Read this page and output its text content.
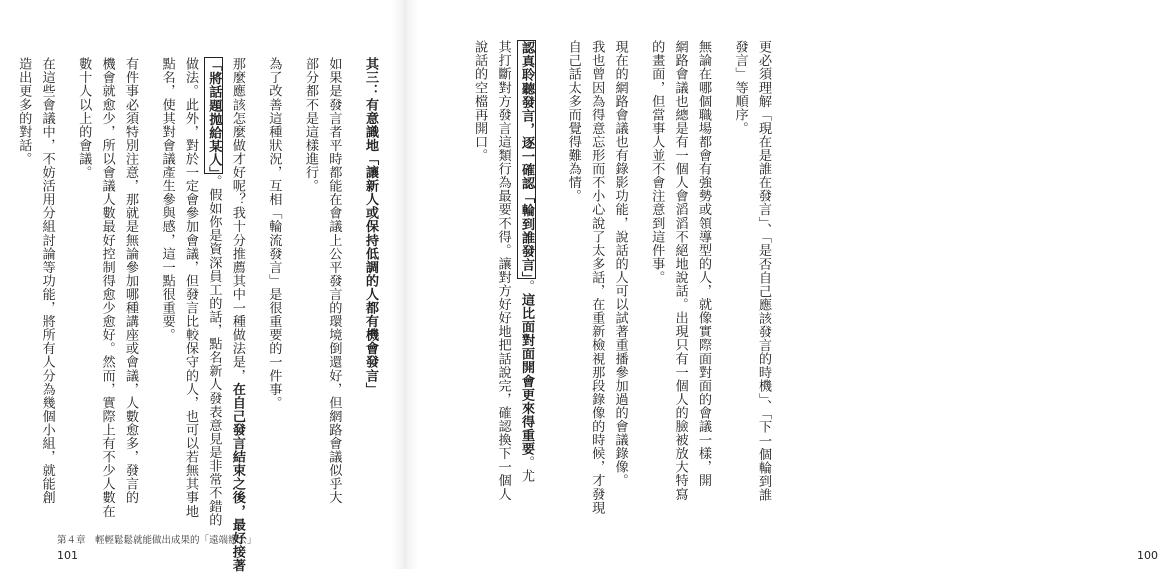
其三：有意識地「讓新人或保持低調的人都有機會發言」
如果是發言者平時都能在會議上公平發言的環境倒還好，但網路會議似乎大
部分都不是這樣進行。
為了改善這種狀況，互相「輪流發言」是很重要的一件事。
那麼應該怎麼做才好呢？我十分推薦其中一種做法是，在自己發言結束之後，最好接著
「將話題拋給某人」。假如你是資深員工的話，點名新人發表意見是非常不錯的
做法。此外，對於一定會參加會議，但發言比較保守的人，也可以若無其事地
點名，使其對會議產生參與感，這一點很重要。
有件事必須特別注意，那就是無論參加哪種講座或會議，人數愈多，發言的
機會就愈少，所以會議人數最好控制得愈少愈好。然而，實際上有不少人數在
數十人以上的會議。
在這些會議中，不妨活用分組討論等功能，將所有人分為幾個小組，就能創
造出更多的對話。
第４章　輕輕鬆鬆就能做出成果的「遠端辦公」
101
更必須理解「現在是誰在發言」、「是否自己應該發言的時機」、「下一個輪到誰
發言」等順序。
無論在哪個職場都會有強勢或領導型的人，就像實際面對面的會議一樣，開
網路會議也總是有一個人會滔滔不絕地說話。出現只有一個人的臉被放大特寫
的畫面，但當事人並不會注意到這件事。
現在的網路會議也有錄影功能，說話的人可以試著重播參加過的會議錄像。
我也曾因為得意忘形而不小心說了太多話，在重新檢視那段錄像的時候，才發現
自己話太多而覺得難為情。

認真聆聽發言，逐一確認「輪到誰發言」。這比面對面開會更來得重要。尤
其打斷對方發言這類行為最要不得。讓對方好好地把話說完，確認換下一個人
說話的空檔再開口。
100
